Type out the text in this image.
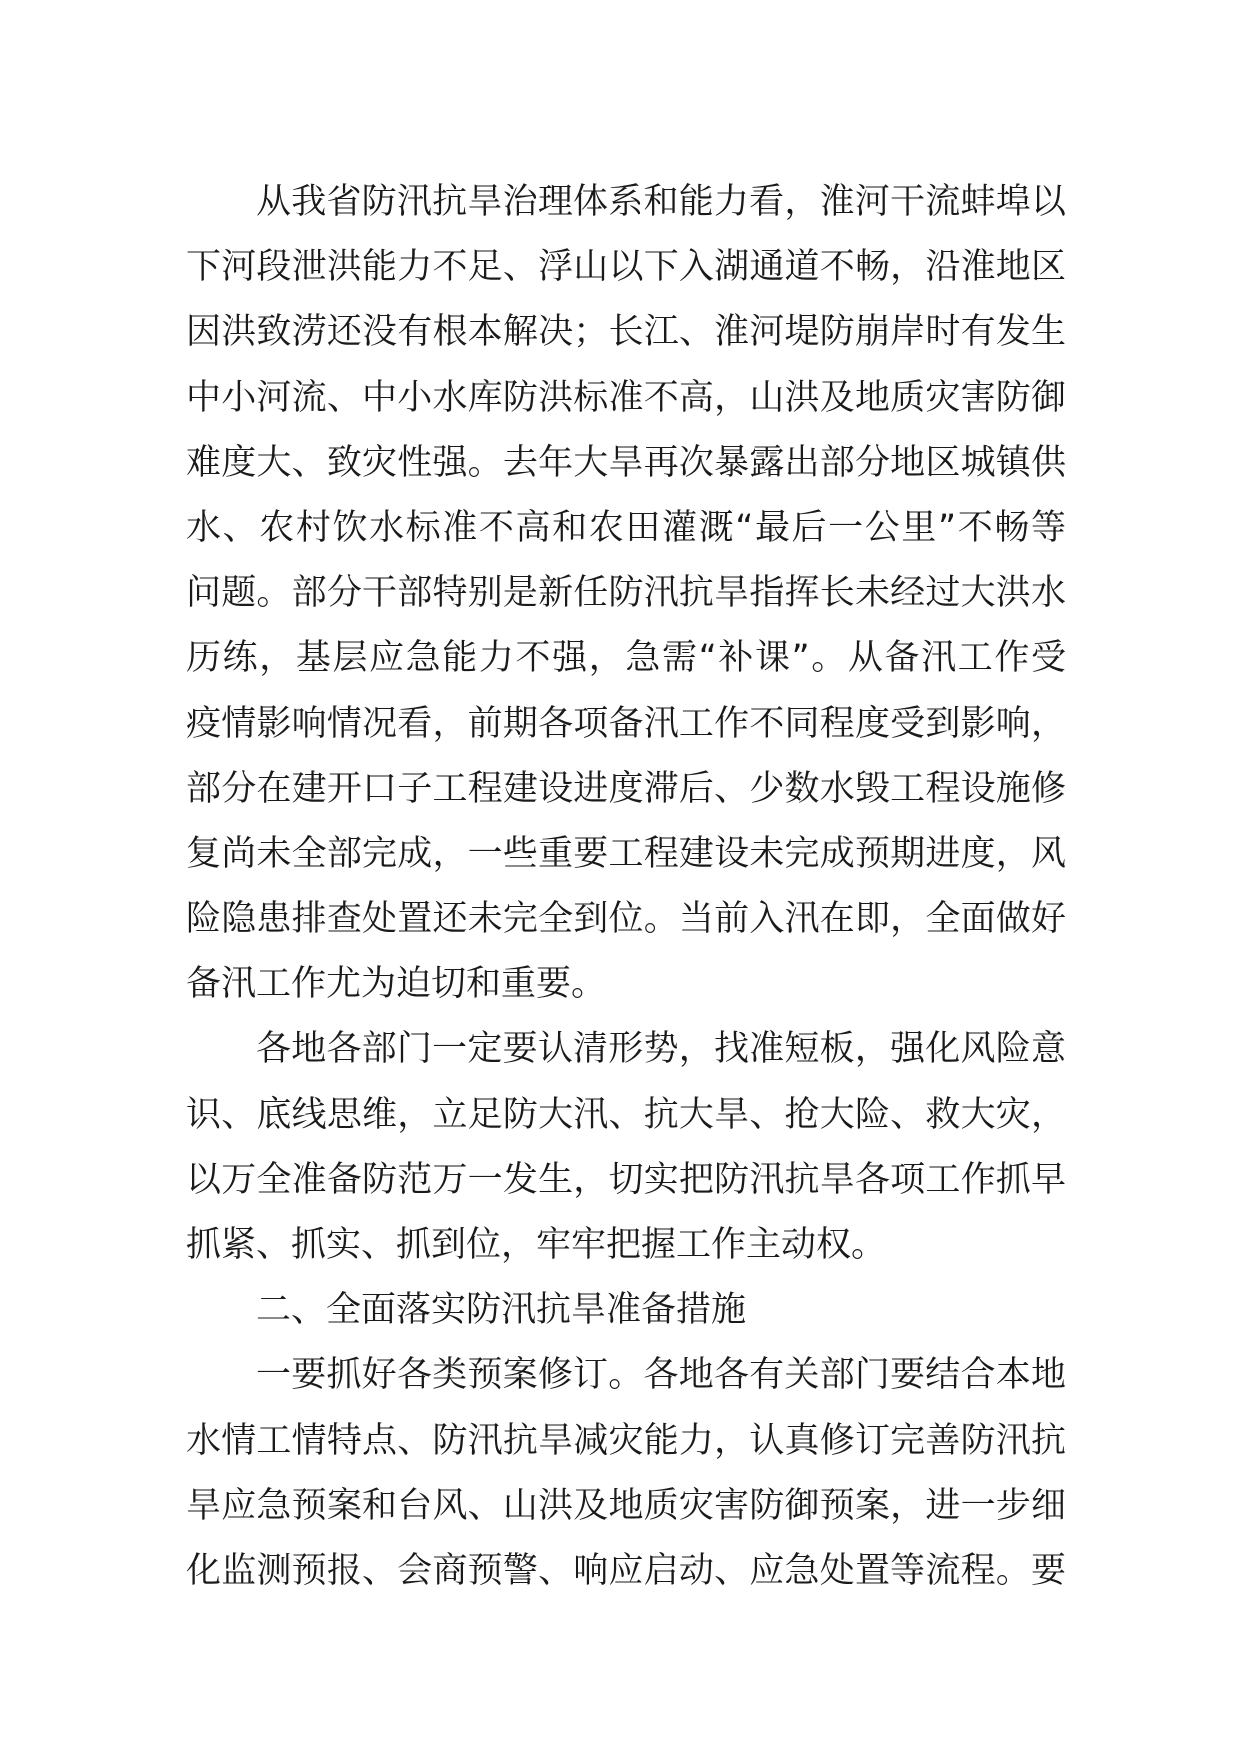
从我省防汛抗旱治理体系和能力看，淮河干流蚌埠以
下河段泄洪能力不足、浮山以下入湖通道不畅，沿淮地区
因洪致涝还没有根本解决；长江、淮河堤防崩岸时有发生
中小河流、中小水库防洪标准不高，山洪及地质灾害防御
难度大、致灾性强。去年大旱再次暴露出部分地区城镇供
水、农村饮水标准不高和农田灌溉“最后一公里”不畅等
问题。部分干部特别是新任防汛抗旱指挥长未经过大洪水
历练，基层应急能力不强，急需“补课”。从备汛工作受
疫情影响情况看，前期各项备汛工作不同程度受到影响，
部分在建开口子工程建设进度滞后、少数水毁工程设施修
复尚未全部完成，一些重要工程建设未完成预期进度，风
险隐患排查处置还未完全到位。当前入汛在即，全面做好
备汛工作尤为迫切和重要。
各地各部门一定要认清形势，找准短板，强化风险意
识、底线思维，立足防大汛、抗大旱、抢大险、救大灾，
以万全准备防范万一发生，切实把防汛抗旱各项工作抓早
抓紧、抓实、抓到位，牢牢把握工作主动权。
二、全面落实防汛抗旱准备措施
一要抓好各类预案修订。各地各有关部门要结合本地
水情工情特点、防汛抗旱减灾能力，认真修订完善防汛抗
旱应急预案和台风、山洪及地质灾害防御预案，进一步细
化监测预报、会商预警、响应启动、应急处置等流程。要
